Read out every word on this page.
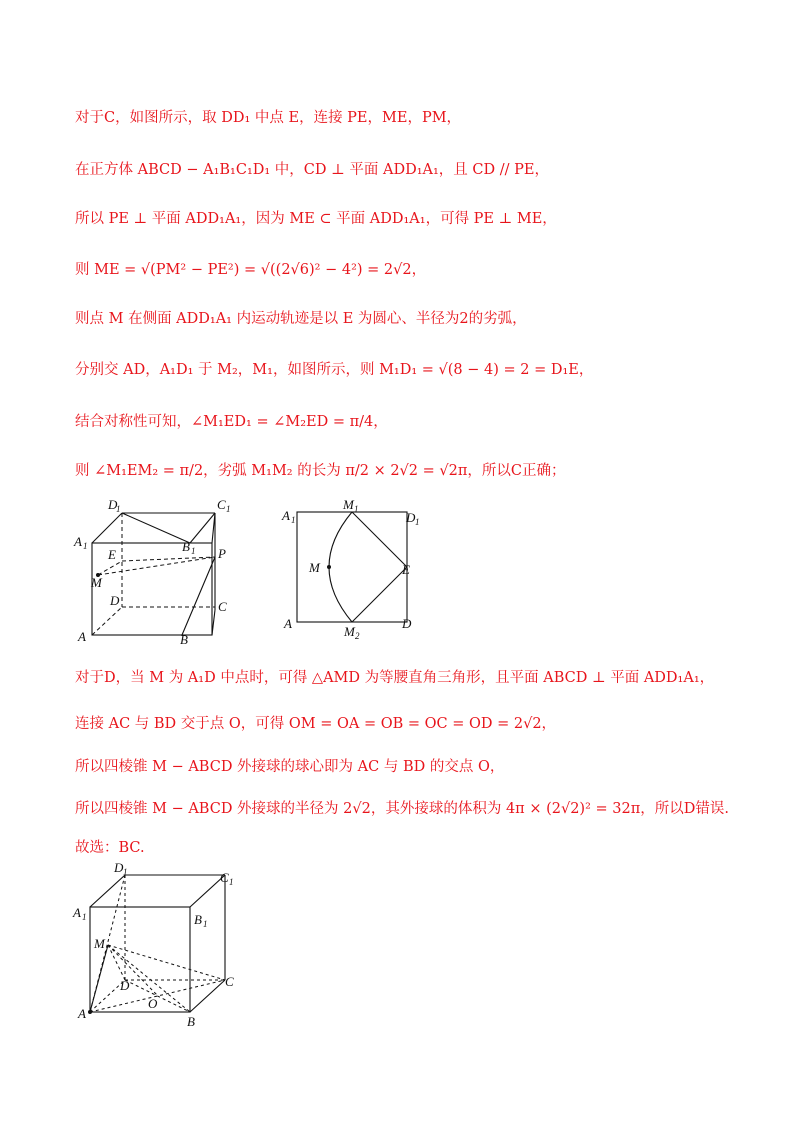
对于C，如图所示，取 DD₁ 中点 E，连接 PE，ME，PM，
在正方体 ABCD − A₁B₁C₁D₁ 中，CD ⊥ 平面 ADD₁A₁，且 CD // PE，
所以 PE ⊥ 平面 ADD₁A₁，因为 ME ⊂ 平面 ADD₁A₁，可得 PE ⊥ ME，
则 ME = √(PM² − PE²) = √((2√6)² − 4²) = 2√2，
则点 M 在侧面 ADD₁A₁ 内运动轨迹是以 E 为圆心、半径为2的劣弧，
分别交 AD，A₁D₁ 于 M₂，M₁，如图所示，则 M₁D₁ = √(8 − 4) = 2 = D₁E，
结合对称性可知，∠M₁ED₁ = ∠M₂ED = π/4，
则 ∠M₁EM₂ = π/2，劣弧 M₁M₂ 的长为 π/2 × 2√2 = √2π，所以C正确；
D
1	C 1
A 1	B 1
E
M
P
D	C
A	B
A 1
M 1
D 1
M	E
A
M 2
D
对于D，当 M 为 A₁D 中点时，可得 △AMD 为等腰直角三角形，且平面 ABCD ⊥ 平面 ADD₁A₁，
连接 AC 与 BD 交于点 O，可得 OM = OA = OB = OC = OD = 2√2，
所以四棱锥 M − ABCD 外接球的球心即为 AC 与 BD 的交点 O，
所以四棱锥 M − ABCD 外接球的半径为 2√2，其外接球的体积为 4π × (2√2)² = 32π，所以D错误.
故选：BC.
D 1	C 1
A 1	B 1
M
D	C
O
A
B
